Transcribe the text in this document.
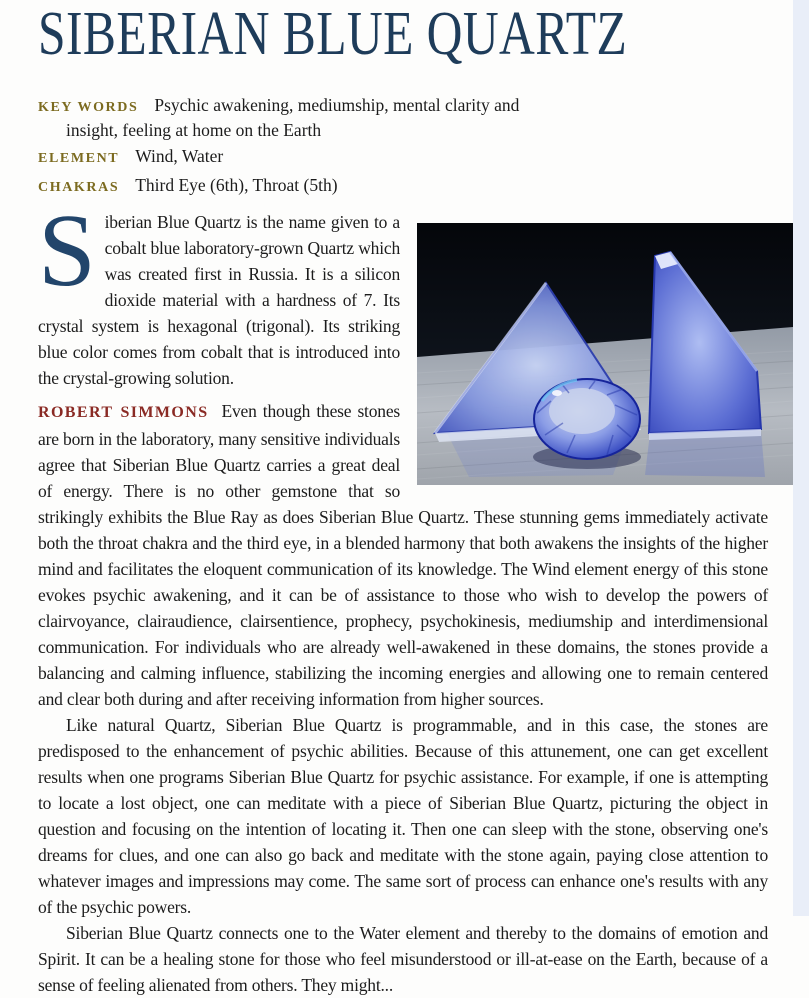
SIBERIAN BLUE QUARTZ

KEY WORDS Psychic awakening, mediumship, mental clarity and insight, feeling at home on the Earth

ELEMENT Wind, Water

CHAKRAS Third Eye (6th), Throat (5th)

Siberian Blue Quartz is the name given to a cobalt blue laboratory-grown Quartz which was created first in Russia. It is a silicon dioxide material with a hardness of 7. Its crystal system is hexagonal (trigonal). Its striking blue color comes from cobalt that is introduced into the crystal-growing solution.

ROBERT SIMMONS Even though these stones are born in the laboratory, many sensitive individuals agree that Siberian Blue Quartz carries a great deal of energy. There is no other gemstone that so strikingly exhibits the Blue Ray as does Siberian Blue Quartz. These stunning gems immediately activate both the throat chakra and the third eye, in a blended harmony that both awakens the insights of the higher mind and facilitates the eloquent communication of its knowledge. The Wind element energy of this stone evokes psychic awakening, and it can be of assistance to those who wish to develop the powers of clairvoyance, clairaudience, clairsentience, prophecy, psychokinesis, mediumship and interdimensional communication. For individuals who are already well-awakened in these domains, the stones provide a balancing and calming influence, stabilizing the incoming energies and allowing one to remain centered and clear both during and after receiving information from higher sources.

Like natural Quartz, Siberian Blue Quartz is programmable, and in this case, the stones are predisposed to the enhancement of psychic abilities. Because of this attunement, one can get excellent results when one programs Siberian Blue Quartz for psychic assistance. For example, if one is attempting to locate a lost object, one can meditate with a piece of Siberian Blue Quartz, picturing the object in question and focusing on the intention of locating it. Then one can sleep with the stone, observing one's dreams for clues, and one can also go back and meditate with the stone again, paying close attention to whatever images and impressions may come. The same sort of process can enhance one's results with any of the psychic powers.

Siberian Blue Quartz connects one to the Water element and thereby to the domains of emotion and Spirit. It can be a healing stone for those who feel misunderstood or ill-at-ease on the Earth, because of a sense of feeling alienated from others. They might...
